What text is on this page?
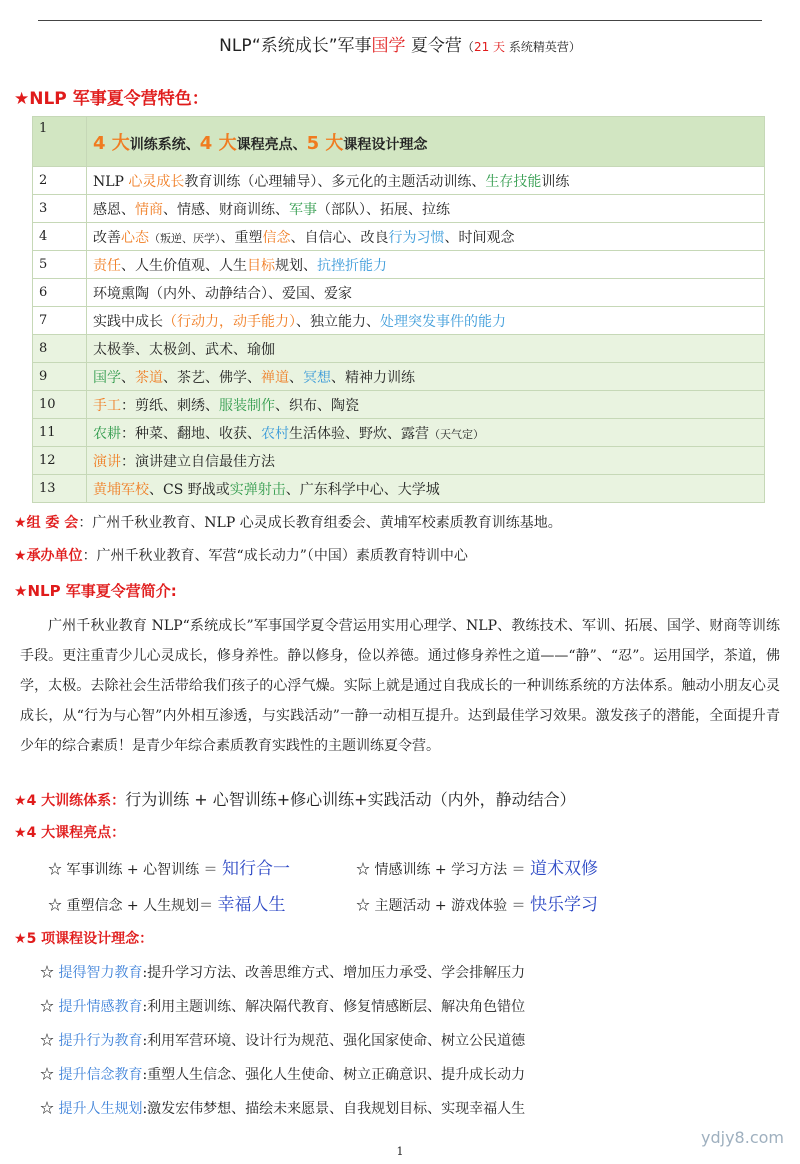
NLP“系统成长”军事国学 夏令营（21 天 系统精英营）
★NLP 军事夏令营特色：
1	4 大训练系统、4 大课程亮点、5 大课程设计理念
2	NLP 心灵成长教育训练（心理辅导）、多元化的主题活动训练、生存技能训练
3	感恩、情商、情感、财商训练、军事（部队）、拓展、拉练
4	改善心态（叛逆、厌学）、重塑信念、自信心、改良行为习惯、时间观念
5	责任、人生价值观、人生目标规划、抗挫折能力
6	环境熏陶（内外、动静结合）、爱国、爱家
7	实践中成长（行动力，动手能力）、独立能力、处理突发事件的能力
8	太极拳、太极剑、武术、瑜伽
9	国学、茶道、茶艺、佛学、禅道、冥想、精神力训练
10	手工：剪纸、刺绣、服装制作、织布、陶瓷
11	农耕：种菜、翻地、收获、农村生活体验、野炊、露营（天气定）
12	演讲：演讲建立自信最佳方法
13	黄埔军校、CS 野战或实弹射击、广东科学中心、大学城
★组 委 会：广州千秋业教育、NLP 心灵成长教育组委会、黄埔军校素质教育训练基地。
★承办单位：广州千秋业教育、军营“成长动力”（中国）素质教育特训中心
★NLP 军事夏令营简介:
广州千秋业教育 NLP“系统成长”军事国学夏令营运用实用心理学、NLP、教练技术、军训、拓展、国学、财商等训练手段。更注重青少儿心灵成长，修身养性。静以修身，俭以养德。通过修身养性之道——“静”、“忍”。运用国学，茶道，佛学，太极。去除社会生活带给我们孩子的心浮气燥。实际上就是通过自我成长的一种训练系统的方法体系。触动小朋友心灵成长，从“行为与心智”内外相互渗透，与实践活动”一静一动相互提升。达到最佳学习效果。激发孩子的潜能，全面提升青少年的综合素质！是青少年综合素质教育实践性的主题训练夏令营。
★4 大训练体系：行为训练 + 心智训练+修心训练+实践活动（内外，静动结合）
★4 大课程亮点：
☆ 军事训练 + 心智训练 ＝ 知行合一	☆ 情感训练 + 学习方法 ＝ 道术双修
☆ 重塑信念 + 人生规划＝ 幸福人生	☆ 主题活动 + 游戏体验 ＝ 快乐学习
★5 项课程设计理念：
☆ 提得智力教育:提升学习方法、改善思维方式、增加压力承受、学会排解压力
☆ 提升情感教育:利用主题训练、解决隔代教育、修复情感断层、解决角色错位
☆ 提升行为教育:利用军营环境、设计行为规范、强化国家使命、树立公民道德
☆ 提升信念教育:重塑人生信念、强化人生使命、树立正确意识、提升成长动力
☆ 提升人生规划:激发宏伟梦想、描绘未来愿景、自我规划目标、实现幸福人生
1
ydjy8.com
